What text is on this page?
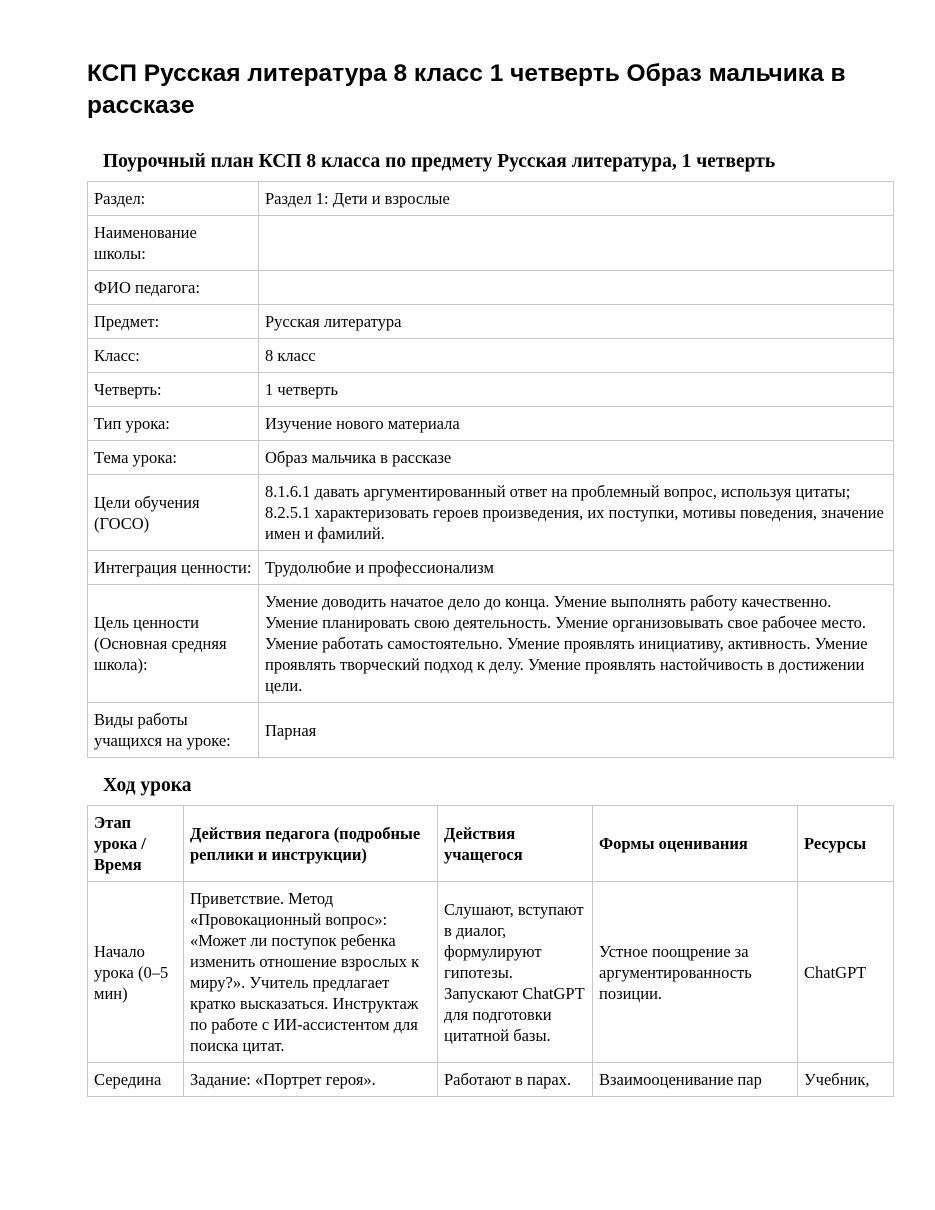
КСП Русская литература 8 класс 1 четверть Образ мальчика в рассказе
Поурочный план КСП 8 класса по предмету Русская литература, 1 четверть
Раздел:	Раздел 1: Дети и взрослые
Наименование школы:	
ФИО педагога:	
Предмет:	Русская литература
Класс:	8 класс
Четверть:	1 четверть
Тип урока:	Изучение нового материала
Тема урока:	Образ мальчика в рассказе
Цели обучения (ГОСО)	8.1.6.1 давать аргументированный ответ на проблемный вопрос, используя цитаты; 8.2.5.1 характеризовать героев произведения, их поступки, мотивы поведения, значение имен и фамилий.
Интеграция ценности:	Трудолюбие и профессионализм
Цель ценности (Основная средняя школа):	Умение доводить начатое дело до конца. Умение выполнять работу качественно. Умение планировать свою деятельность. Умение организовывать свое рабочее место. Умение работать самостоятельно. Умение проявлять инициативу, активность. Умение проявлять творческий подход к делу. Умение проявлять настойчивость в достижении цели.
Виды работы учащихся на уроке:	Парная
Ход урока
Этап урока / Время	Действия педагога (подробные реплики и инструкции)	Действия учащегося	Формы оценивания	Ресурсы
Начало урока (0–5 мин)	Приветствие. Метод «Провокационный вопрос»: «Может ли поступок ребенка изменить отношение взрослых к миру?». Учитель предлагает кратко высказаться. Инструктаж по работе с ИИ-ассистентом для поиска цитат.	Слушают, вступают в диалог, формулируют гипотезы. Запускают ChatGPT для подготовки цитатной базы.	Устное поощрение за аргументированность позиции.	ChatGPT
Середина	Задание: «Портрет героя».	Работают в парах.	Взаимооценивание пар	Учебник,
